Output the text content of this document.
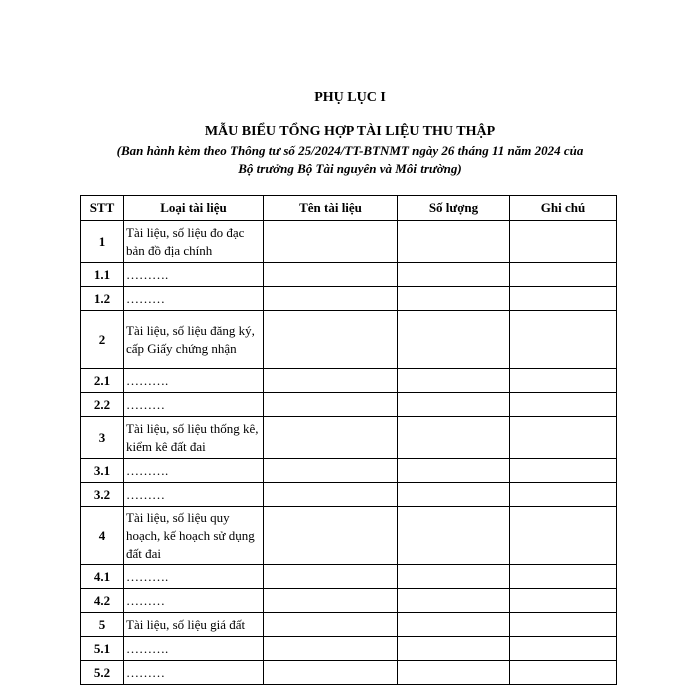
PHỤ LỤC I
MẪU BIỂU TỔNG HỢP TÀI LIỆU THU THẬP
(Ban hành kèm theo Thông tư số 25/2024/TT-BTNMT ngày 26 tháng 11 năm 2024 của
Bộ trưởng Bộ Tài nguyên và Môi trường)
STT	Loại tài liệu	Tên tài liệu	Số lượng	Ghi chú
1	Tài liệu, số liệu đo đạc bản đồ địa chính			
1.1	……….			
1.2	………			
2	Tài liệu, số liệu đăng ký, cấp Giấy chứng nhận			
2.1	……….			
2.2	………			
3	Tài liệu, số liệu thống kê, kiểm kê đất đai			
3.1	……….			
3.2	………			
4	Tài liệu, số liệu quy hoạch, kế hoạch sử dụng đất đai			
4.1	……….			
4.2	………			
5	Tài liệu, số liệu giá đất			
5.1	……….			
5.2	………			
